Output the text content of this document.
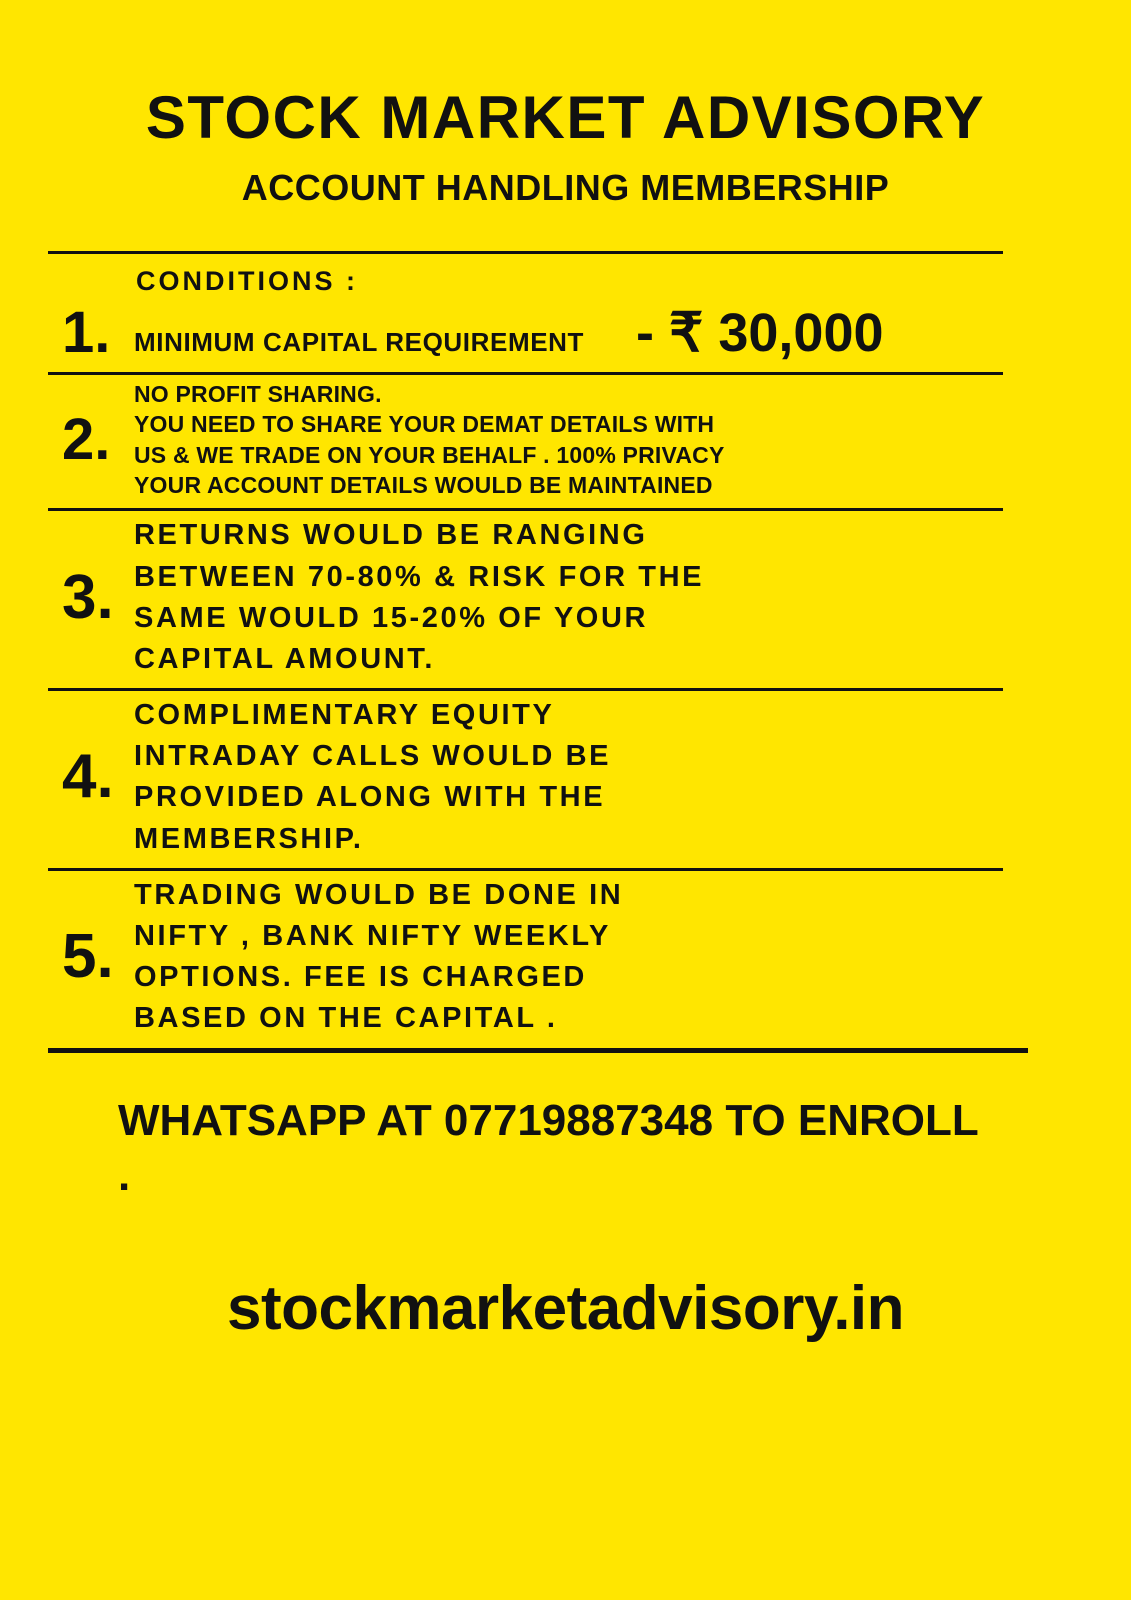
STOCK MARKET ADVISORY
ACCOUNT HANDLING MEMBERSHIP
CONDITIONS :
1. MINIMUM CAPITAL REQUIREMENT - ₹ 30,000
2.
NO PROFIT SHARING.
YOU NEED TO SHARE YOUR DEMAT DETAILS WITH
US & WE TRADE ON YOUR BEHALF . 100% PRIVACY
YOUR ACCOUNT DETAILS WOULD BE MAINTAINED
3.
RETURNS WOULD BE RANGING
BETWEEN 70-80% & RISK FOR THE
SAME WOULD 15-20% OF YOUR
CAPITAL AMOUNT.
4.
COMPLIMENTARY EQUITY
INTRADAY CALLS WOULD BE
PROVIDED ALONG WITH THE
MEMBERSHIP.
5.
TRADING WOULD BE DONE IN
NIFTY , BANK NIFTY WEEKLY
OPTIONS. FEE IS CHARGED
BASED ON THE CAPITAL .
WHATSAPP AT 07719887348 TO ENROLL .
stockmarketadvisory.in
